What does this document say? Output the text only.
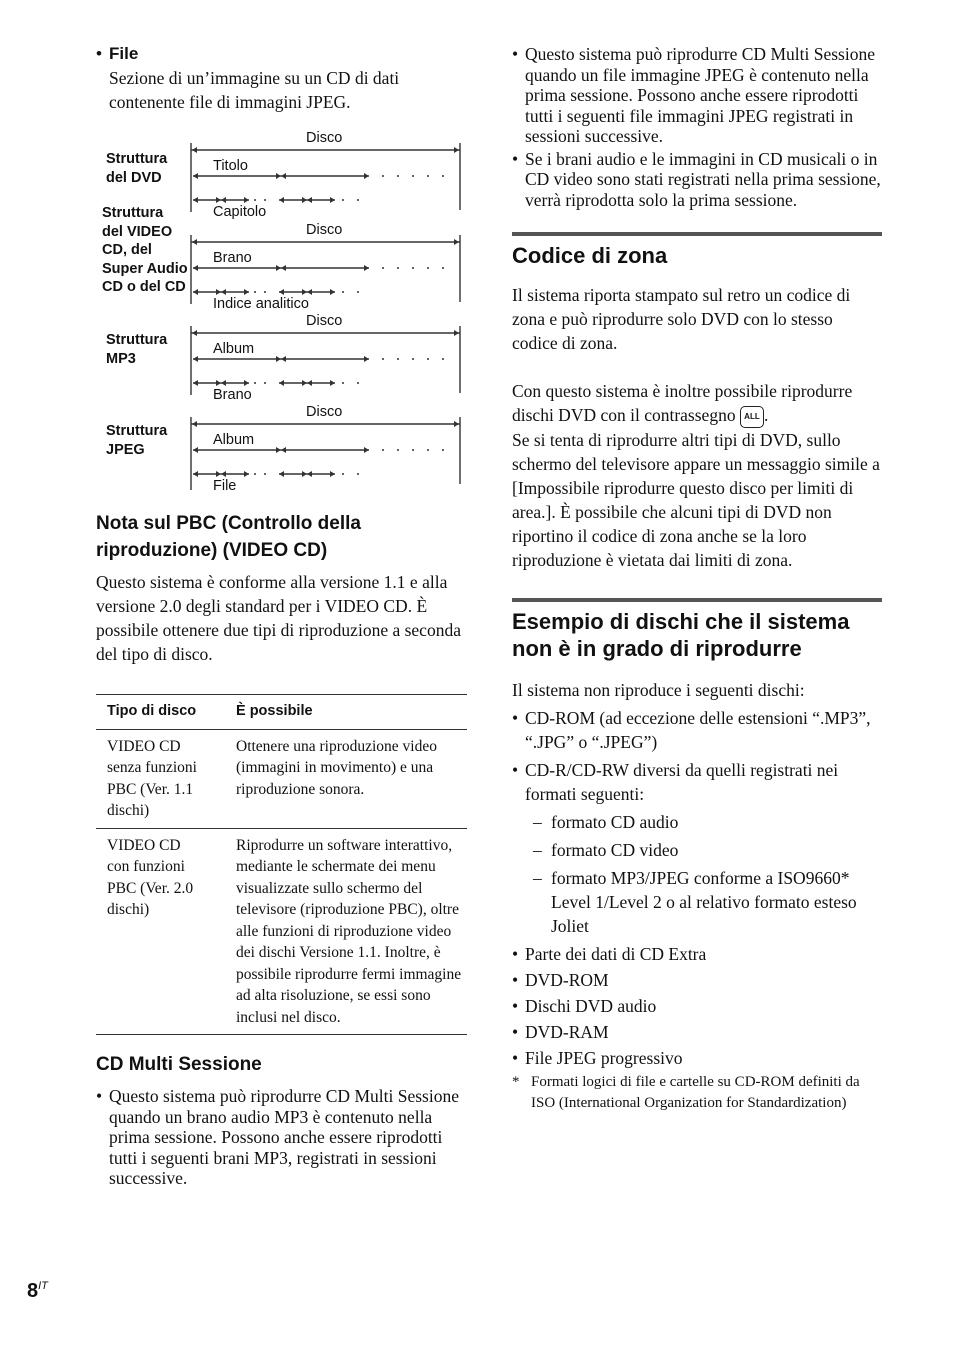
• File
Sezione di un’immagine su un CD di dati contenente file di immagini JPEG.
Disco
Titolo
Capitolo
Struttura del DVD
Disco
Brano
Indice analitico
Struttura del VIDEO CD, del Super Audio CD o del CD
Disco
Album
Brano
Struttura MP3
Disco
Album
File
Struttura JPEG
Nota sul PBC (Controllo della riproduzione) (VIDEO CD)
Questo sistema è conforme alla versione 1.1 e alla versione 2.0 degli standard per i VIDEO CD. È possibile ottenere due tipi di riproduzione a seconda del tipo di disco.
Tipo di disco	È possibile
VIDEO CD senza funzioni PBC (Ver. 1.1 dischi)	Ottenere una riproduzione video (immagini in movimento) e una riproduzione sonora.
VIDEO CD con funzioni PBC (Ver. 2.0 dischi)	Riprodurre un software interattivo, mediante le schermate dei menu visualizzate sullo schermo del televisore (riproduzione PBC), oltre alle funzioni di riproduzione video dei dischi Versione 1.1. Inoltre, è possibile riprodurre fermi immagine ad alta risoluzione, se essi sono inclusi nel disco.
CD Multi Sessione
• Questo sistema può riprodurre CD Multi Sessione quando un brano audio MP3 è contenuto nella prima sessione. Possono anche essere riprodotti tutti i seguenti brani MP3, registrati in sessioni successive.
• Questo sistema può riprodurre CD Multi Sessione quando un file immagine JPEG è contenuto nella prima sessione. Possono anche essere riprodotti tutti i seguenti file immagini JPEG registrati in sessioni successive.
• Se i brani audio e le immagini in CD musicali o in CD video sono stati registrati nella prima sessione, verrà riprodotta solo la prima sessione.
Codice di zona
Il sistema riporta stampato sul retro un codice di zona e può riprodurre solo DVD con lo stesso codice di zona.
Con questo sistema è inoltre possibile riprodurre dischi DVD con il contrassegno ALL .
Se si tenta di riprodurre altri tipi di DVD, sullo schermo del televisore appare un messaggio simile a [Impossibile riprodurre questo disco per limiti di area.]. È possibile che alcuni tipi di DVD non riportino il codice di zona anche se la loro riproduzione è vietata dai limiti di zona.
Esempio di dischi che il sistema non è in grado di riprodurre
Il sistema non riproduce i seguenti dischi:
• CD-ROM (ad eccezione delle estensioni “.MP3”, “.JPG” o “.JPEG”)
• CD-R/CD-RW diversi da quelli registrati nei formati seguenti:
– formato CD audio
– formato CD video
– formato MP3/JPEG conforme a ISO9660* Level 1/Level 2 o al relativo formato esteso Joliet
• Parte dei dati di CD Extra
• DVD-ROM
• Dischi DVD audio
• DVD-RAM
• File JPEG progressivo
* Formati logici di file e cartelle su CD-ROM definiti da ISO (International Organization for Standardization)
$8^{IT}$
